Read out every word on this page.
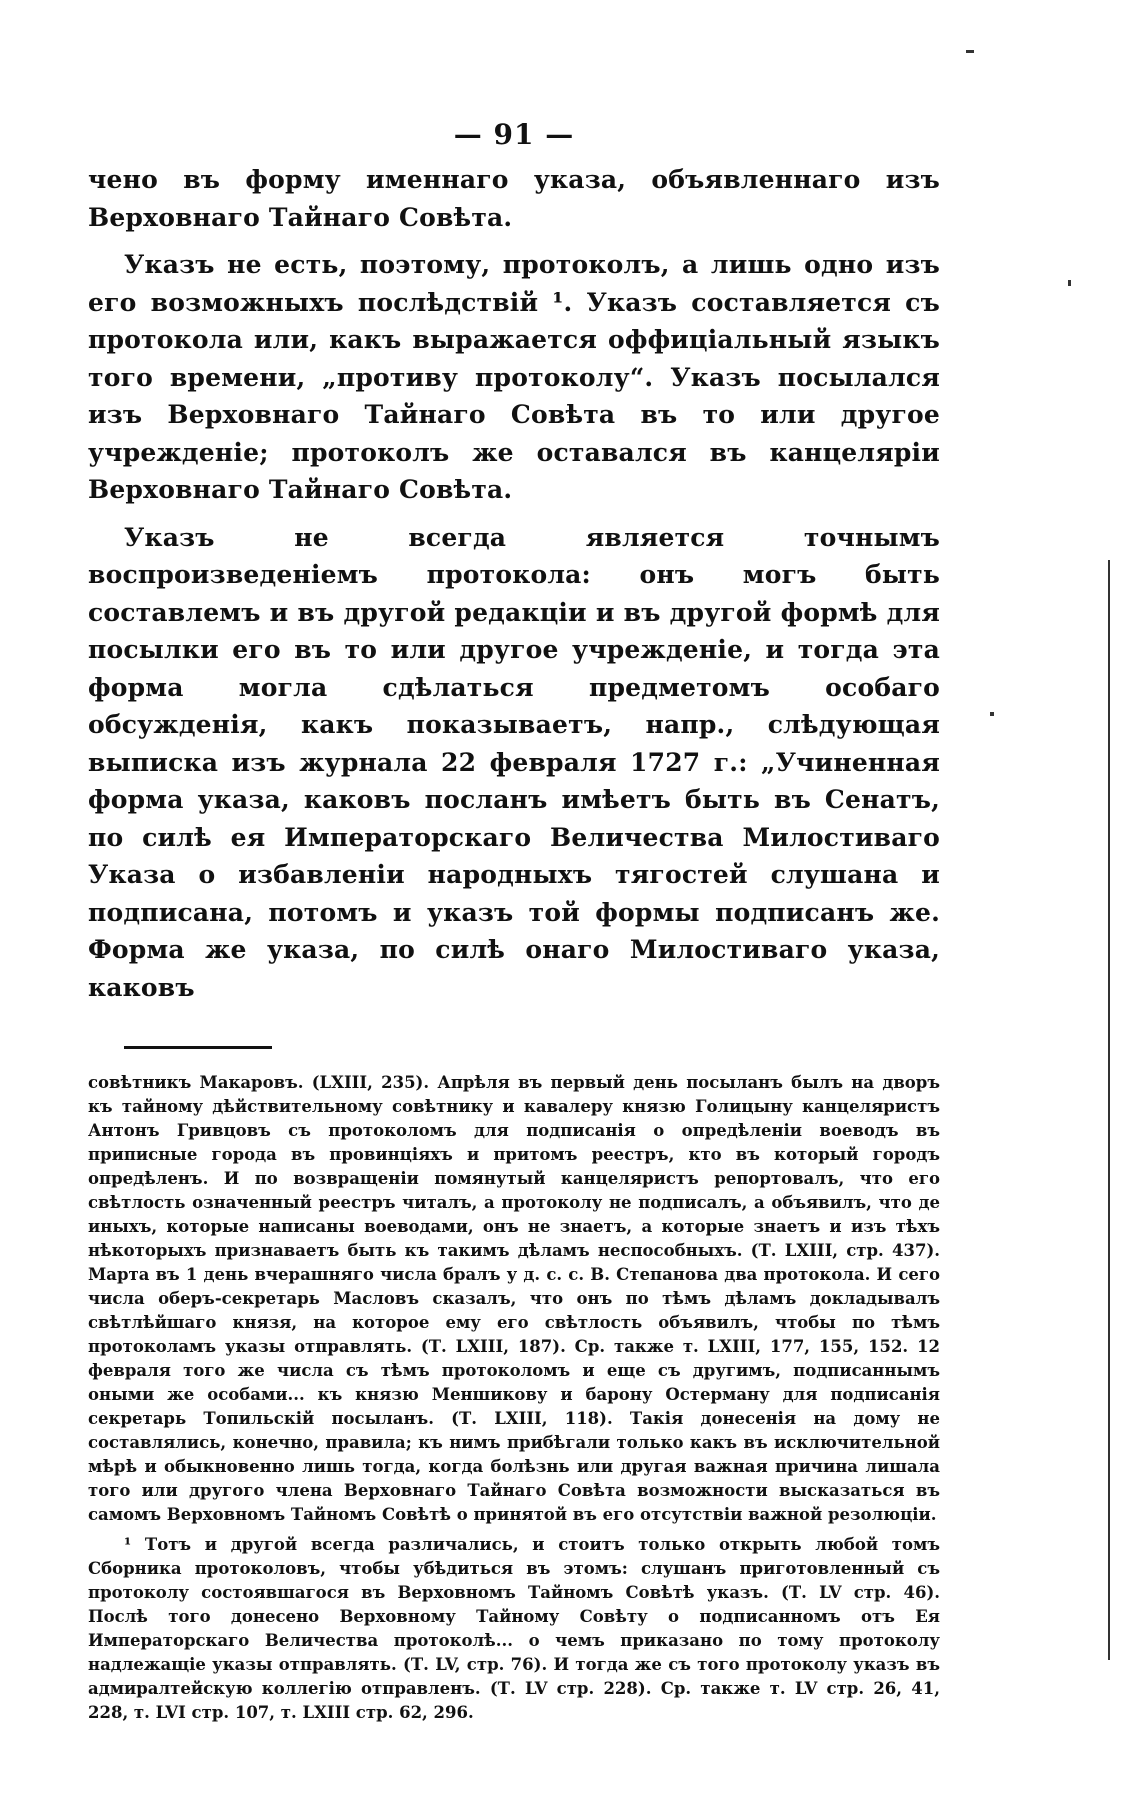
— 91 —

чено въ форму именнаго указа, объявленнаго изъ Верховнаго Тайнаго Совѣта.

Указъ не есть, поэтому, протоколъ, а лишь одно изъ его возможныхъ послѣдствій ¹. Указъ составляется съ протокола или, какъ выражается оффиціальный языкъ того времени, „противу протоколу“. Указъ посылался изъ Верховнаго Тайнаго Совѣта въ то или другое учрежденіе; протоколъ же оставался въ канцеляріи Верховнаго Тайнаго Совѣта.

Указъ не всегда является точнымъ воспроизведеніемъ протокола: онъ могъ быть составлемъ и въ другой редакціи и въ другой формѣ для посылки его въ то или другое учрежденіе, и тогда эта форма могла сдѣлаться предметомъ особаго обсужденія, какъ показываетъ, напр., слѣдующая выписка изъ журнала 22 февраля 1727 г.: „Учиненная форма указа, каковъ посланъ имѣетъ быть въ Сенатъ, по силѣ ея Императорскаго Величества Милостиваго Указа о избавленіи народныхъ тягостей слушана и подписана, потомъ и указъ той формы подписанъ же. Форма же указа, по силѣ онаго Милостиваго указа, каковъ

совѣтникъ Макаровъ. (LXIII, 235). Апрѣля въ первый день посыланъ былъ на дворъ къ тайному дѣйствительному совѣтнику и кавалеру князю Голицыну канцеляристъ Антонъ Гривцовъ съ протоколомъ для подписанія о опредѣленіи воеводъ въ приписные города въ провинціяхъ и притомъ реестръ, кто въ который городъ опредѣленъ. И по возвращеніи помянутый канцеляристъ репортовалъ, что его свѣтлость означенный реестръ читалъ, а протоколу не подписалъ, а объявилъ, что де иныхъ, которые написаны воеводами, онъ не знаетъ, а которые знаетъ и изъ тѣхъ нѣкоторыхъ признаваетъ быть къ такимъ дѣламъ неспособныхъ. (Т. LXIII, стр. 437). Марта въ 1 день вчерашняго числа бралъ у д. с. с. В. Степанова два протокола. И сего числа оберъ-секретарь Масловъ сказалъ, что онъ по тѣмъ дѣламъ докладывалъ свѣтлѣйшаго князя, на которое ему его свѣтлость объявилъ, чтобы по тѣмъ протоколамъ указы отправлять. (Т. LXIII, 187). Ср. также т. LXIII, 177, 155, 152. 12 февраля того же числа съ тѣмъ протоколомъ и еще съ другимъ, подписаннымъ оными же особами... къ князю Меншикову и барону Остерману для подписанія секретарь Топильскій посыланъ. (Т. LXIII, 118). Такія донесенія на дому не составлялись, конечно, правила; къ нимъ прибѣгали только какъ въ исключительной мѣрѣ и обыкновенно лишь тогда, когда болѣзнь или другая важная причина лишала того или другого члена Верховнаго Тайнаго Совѣта возможности высказаться въ самомъ Верховномъ Тайномъ Совѣтѣ о принятой въ его отсутствіи важной резолюціи.

¹ Тотъ и другой всегда различались, и стоитъ только открыть любой томъ Сборника протоколовъ, чтобы убѣдиться въ этомъ: слушанъ приготовленный съ протоколу состоявшагося въ Верховномъ Тайномъ Совѣтѣ указъ. (Т. LV стр. 46). Послѣ того донесено Верховному Тайному Совѣту о подписанномъ отъ Ея Императорскаго Величества протоколѣ... о чемъ приказано по тому протоколу надлежащіе указы отправлять. (Т. LV, стр. 76). И тогда же съ того протоколу указъ въ адмиралтейскую коллегію отправленъ. (Т. LV стр. 228). Ср. также т. LV стр. 26, 41, 228, т. LVI стр. 107, т. LXIII стр. 62, 296.
